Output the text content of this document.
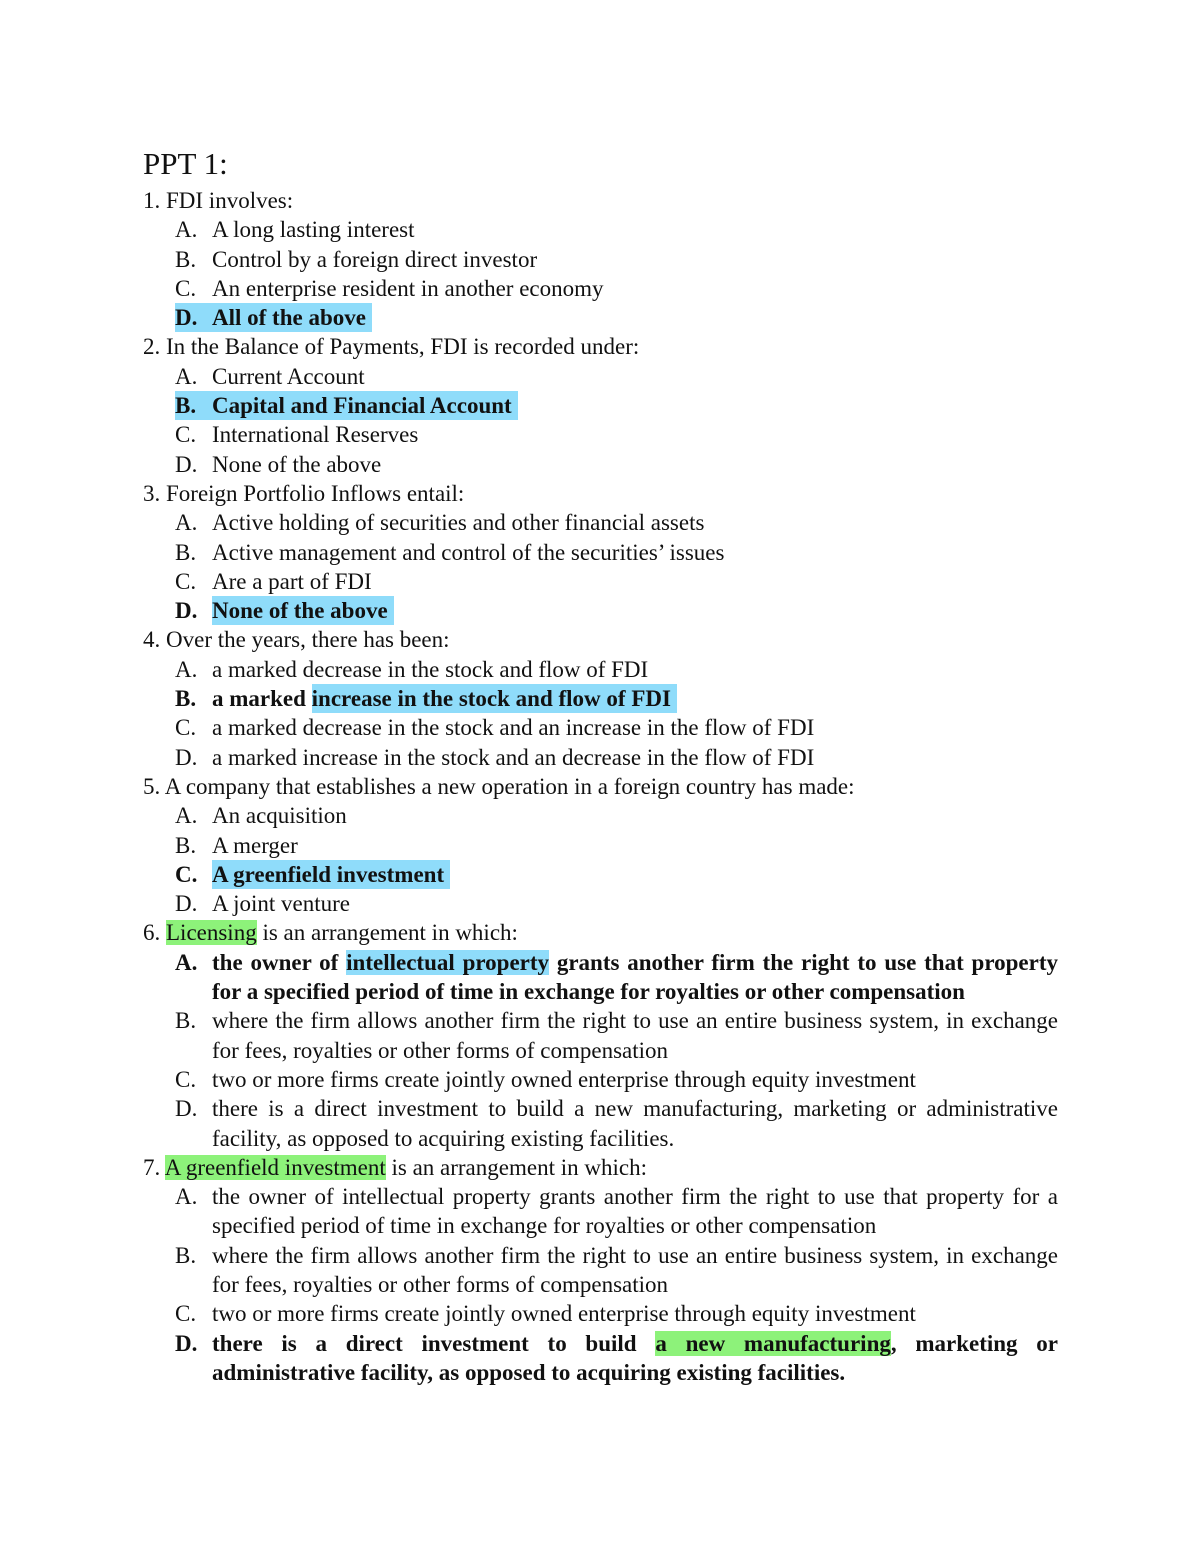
PPT 1:
1. FDI involves:
A. A long lasting interest
B. Control by a foreign direct investor
C. An enterprise resident in another economy
D. All of the above
2. In the Balance of Payments, FDI is recorded under:
A. Current Account
B. Capital and Financial Account
C. International Reserves
D. None of the above
3. Foreign Portfolio Inflows entail:
A. Active holding of securities and other financial assets
B. Active management and control of the securities’ issues
C. Are a part of FDI
D. None of the above
4. Over the years, there has been:
A. a marked decrease in the stock and flow of FDI
B. a marked increase in the stock and flow of FDI
C. a marked decrease in the stock and an increase in the flow of FDI
D. a marked increase in the stock and an decrease in the flow of FDI
5. A company that establishes a new operation in a foreign country has made:
A. An acquisition
B. A merger
C. A greenfield investment
D. A joint venture
6. Licensing is an arrangement in which:
A. the owner of intellectual property grants another firm the right to use that property for a specified period of time in exchange for royalties or other compensation
B. where the firm allows another firm the right to use an entire business system, in exchange for fees, royalties or other forms of compensation
C. two or more firms create jointly owned enterprise through equity investment
D. there is a direct investment to build a new manufacturing, marketing or administrative facility, as opposed to acquiring existing facilities.
7. A greenfield investment is an arrangement in which:
A. the owner of intellectual property grants another firm the right to use that property for a specified period of time in exchange for royalties or other compensation
B. where the firm allows another firm the right to use an entire business system, in exchange for fees, royalties or other forms of compensation
C. two or more firms create jointly owned enterprise through equity investment
D. there is a direct investment to build a new manufacturing, marketing or administrative facility, as opposed to acquiring existing facilities.
